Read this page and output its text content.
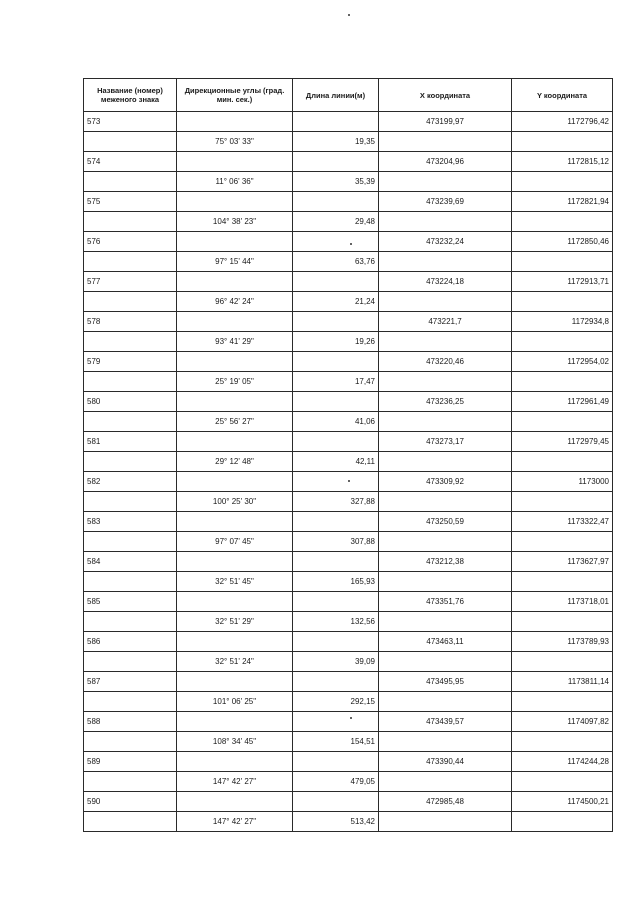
Название (номер) меженого знака	Дирекционные углы (град. мин. сек.)	Длина линии(м)	X координата	Y координата
573			473199,97	1172796,42
	75° 03' 33"	19,35		
574			473204,96	1172815,12
	11° 06' 36"	35,39		
575			473239,69	1172821,94
	104° 38' 23"	29,48		
576			473232,24	1172850,46
	97° 15' 44"	63,76		
577			473224,18	1172913,71
	96° 42' 24"	21,24		
578			473221,7	1172934,8
	93° 41' 29"	19,26		
579			473220,46	1172954,02
	25° 19' 05"	17,47		
580			473236,25	1172961,49
	25° 56' 27"	41,06		
581			473273,17	1172979,45
	29° 12' 48"	42,11		
582			473309,92	1173000
	100° 25' 30"	327,88		
583			473250,59	1173322,47
	97° 07' 45"	307,88		
584			473212,38	1173627,97
	32° 51' 45"	165,93		
585			473351,76	1173718,01
	32° 51' 29"	132,56		
586			473463,11	1173789,93
	32° 51' 24"	39,09		
587			473495,95	1173811,14
	101° 06' 25"	292,15		
588			473439,57	1174097,82
	108° 34' 45"	154,51		
589			473390,44	1174244,28
	147° 42' 27"	479,05		
590			472985,48	1174500,21
	147° 42' 27"	513,42		
